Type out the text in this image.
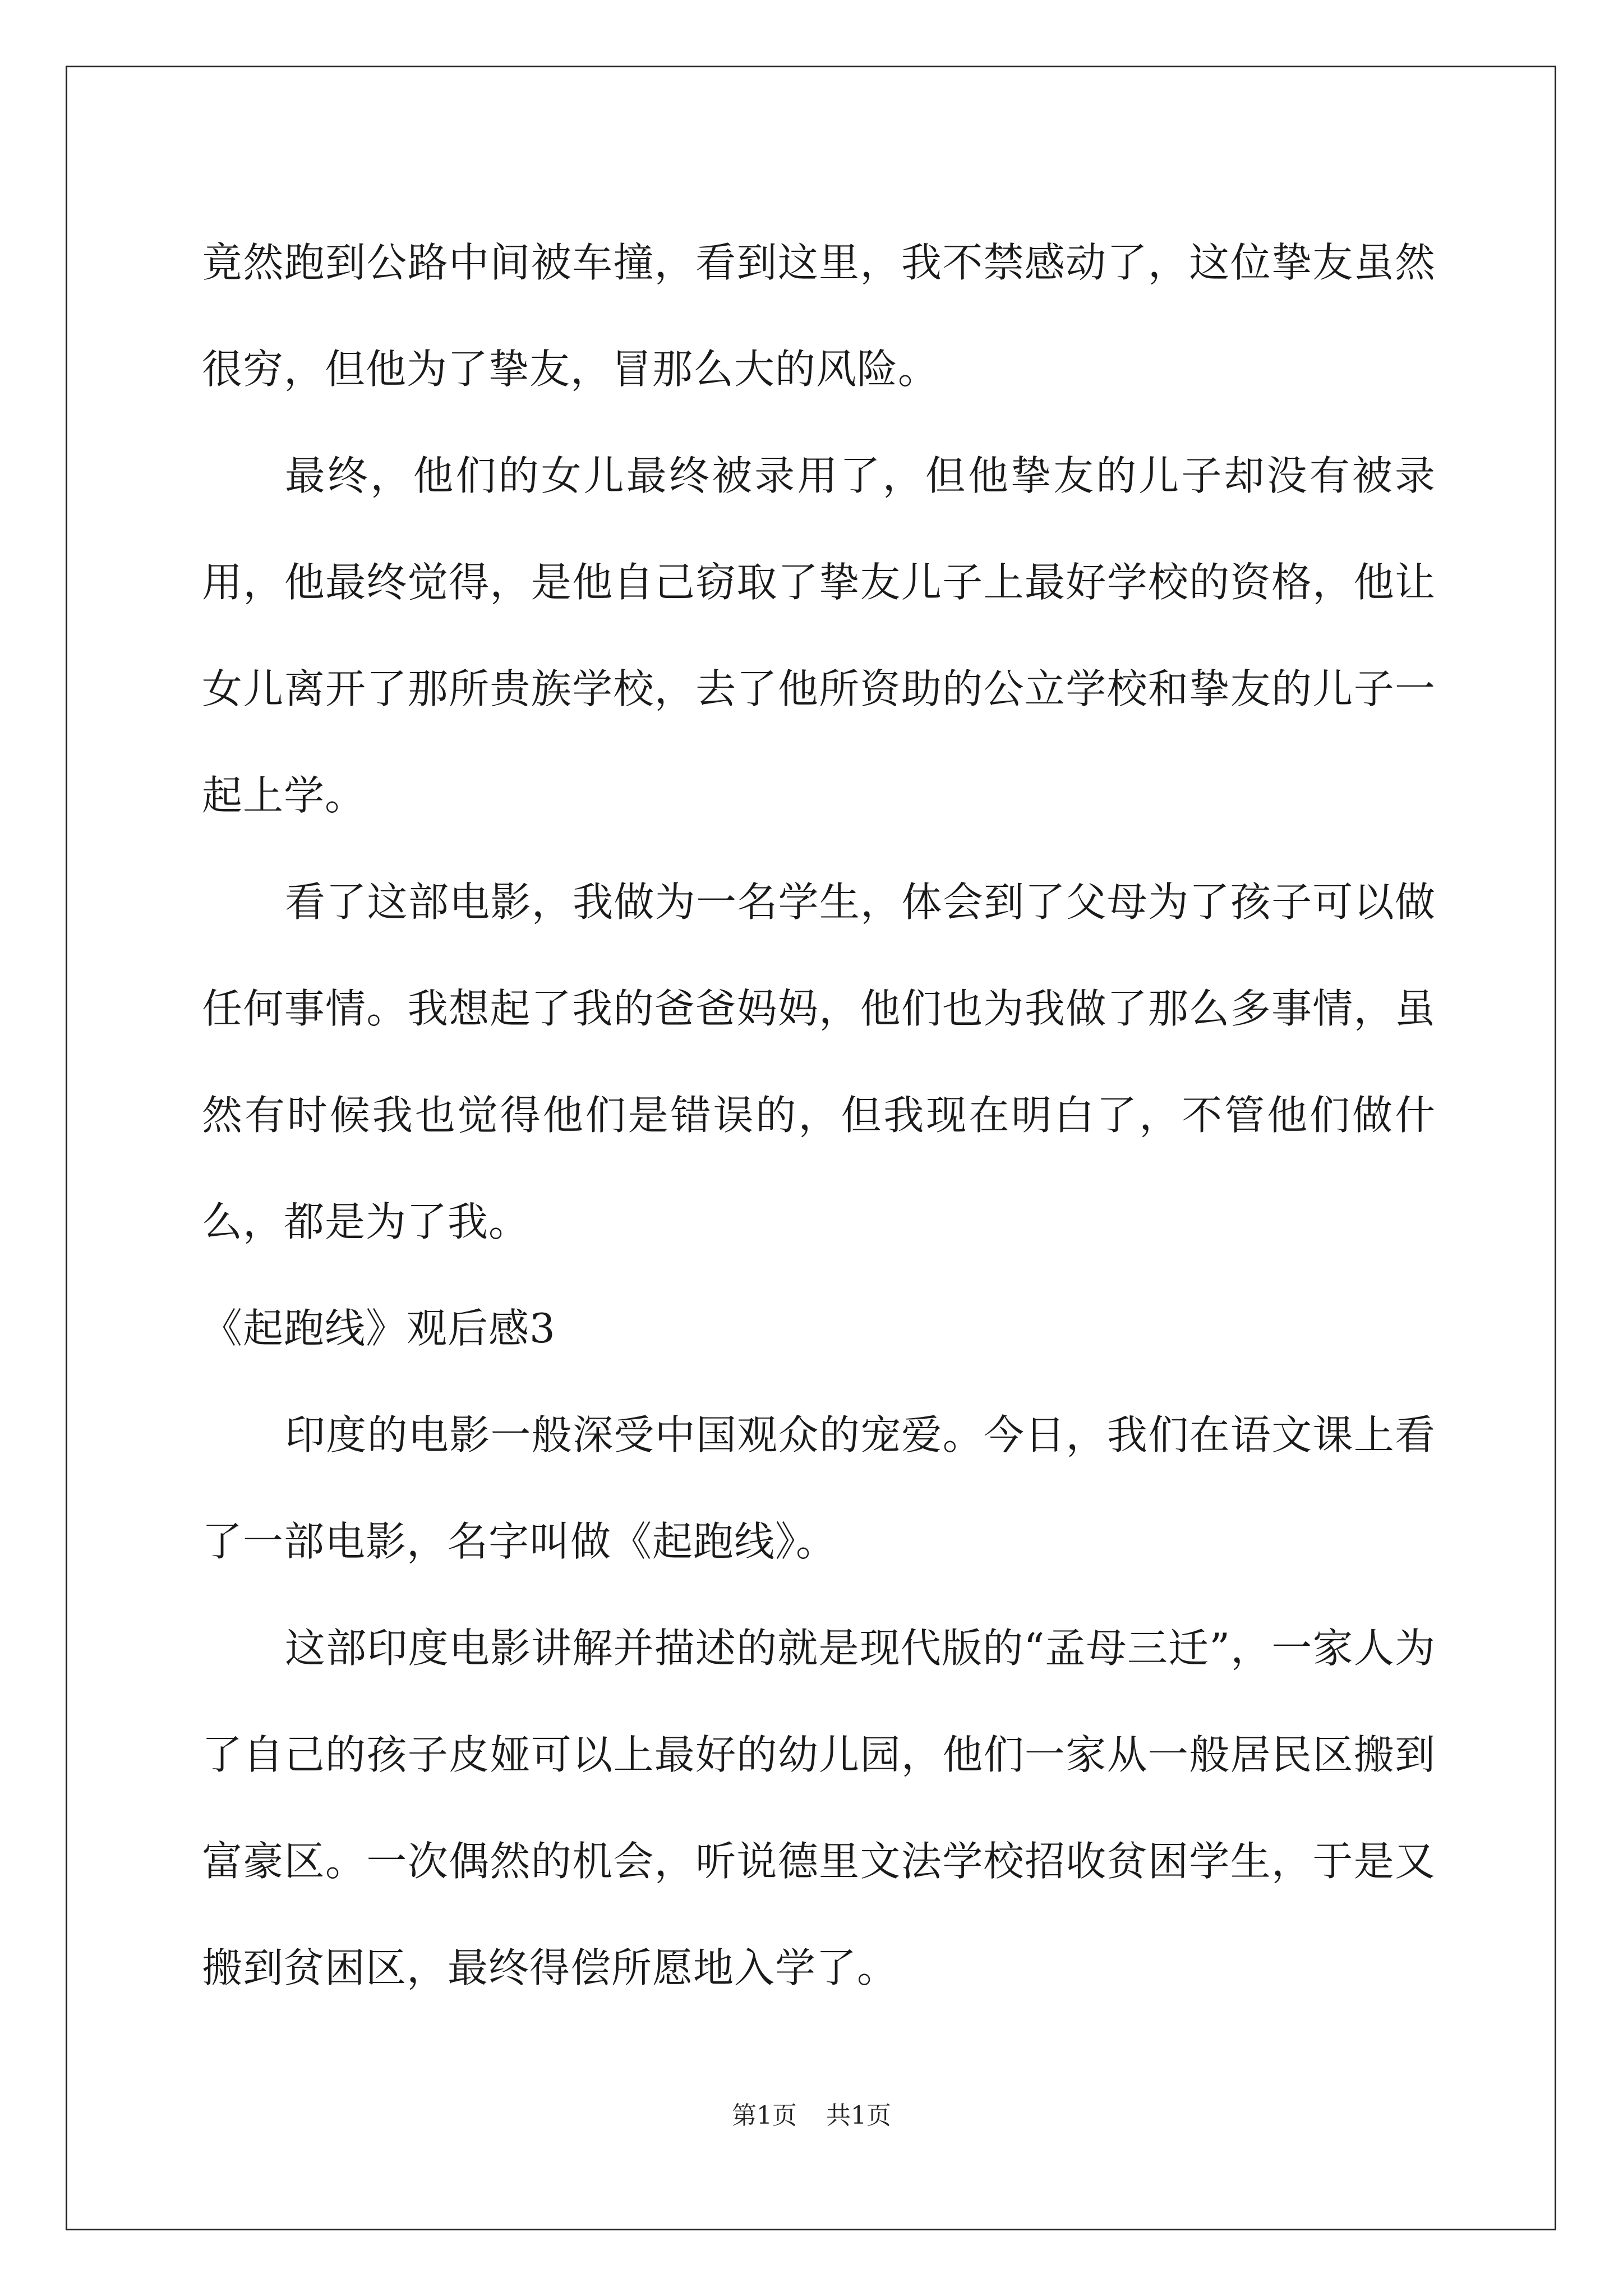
竟然跑到公路中间被车撞，看到这里，我不禁感动了，这位挚友虽然很穷，但他为了挚友，冒那么大的风险。

最终，他们的女儿最终被录用了，但他挚友的儿子却没有被录用，他最终觉得，是他自己窃取了挚友儿子上最好学校的资格，他让女儿离开了那所贵族学校，去了他所资助的公立学校和挚友的儿子一起上学。

看了这部电影，我做为一名学生，体会到了父母为了孩子可以做任何事情。我想起了我的爸爸妈妈，他们也为我做了那么多事情，虽然有时候我也觉得他们是错误的，但我现在明白了，不管他们做什么，都是为了我。

《起跑线》观后感3

印度的电影一般深受中国观众的宠爱。今日，我们在语文课上看了一部电影，名字叫做《起跑线》。

这部印度电影讲解并描述的就是现代版的“孟母三迁”，一家人为了自己的孩子皮娅可以上最好的幼儿园，他们一家从一般居民区搬到富豪区。一次偶然的机会，听说德里文法学校招收贫困学生，于是又搬到贫困区，最终得偿所愿地入学了。

第1页 共1页
